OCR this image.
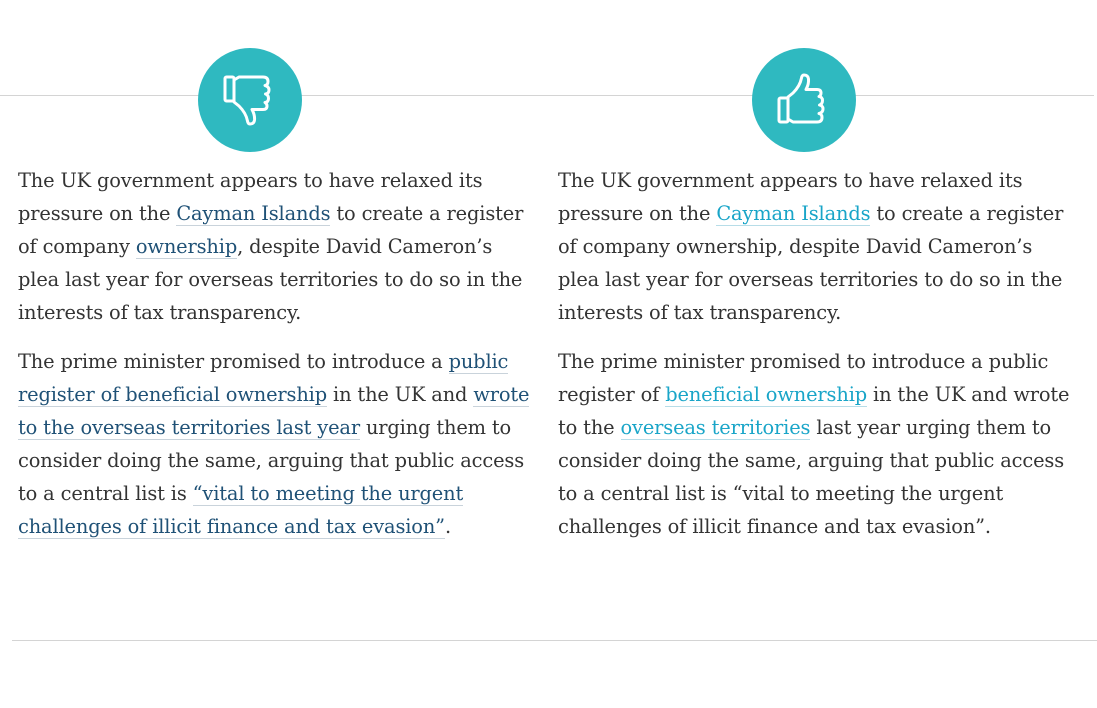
The UK government appears to have relaxed its pressure on the Cayman Islands to create a register of company ownership, despite David Cameron’s plea last year for overseas territories to do so in the interests of tax transparency.

The prime minister promised to introduce a public register of beneficial ownership in the UK and wrote to the overseas territories last year urging them to consider doing the same, arguing that public access to a central list is “vital to meeting the urgent challenges of illicit finance and tax evasion”.

The UK government appears to have relaxed its pressure on the Cayman Islands to create a register of company ownership, despite David Cameron’s plea last year for overseas territories to do so in the interests of tax transparency.

The prime minister promised to introduce a public register of beneficial ownership in the UK and wrote to the overseas territories last year urging them to consider doing the same, arguing that public access to a central list is “vital to meeting the urgent challenges of illicit finance and tax evasion”.
